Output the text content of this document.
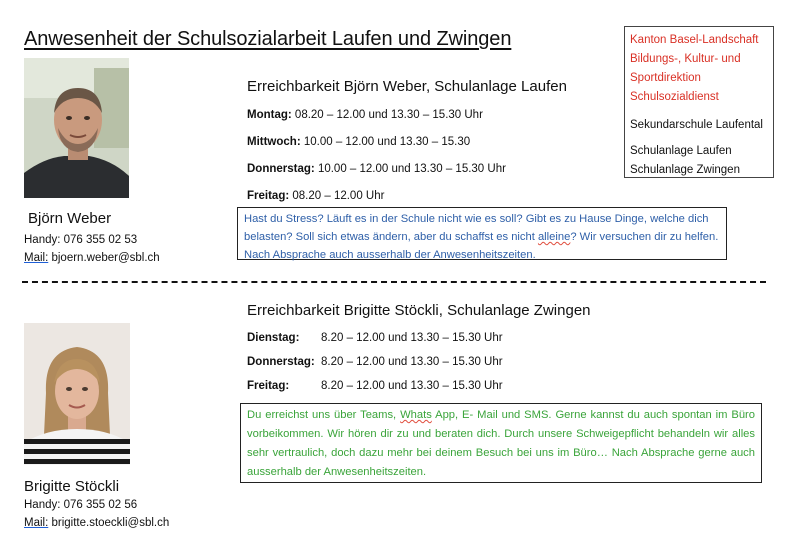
Anwesenheit der Schulsozialarbeit Laufen und Zwingen	Kanton Basel-Landschaft
Bildungs-, Kultur- und
Sportdirektion
Schulsozialdienst
Sekundarschule Laufental
Schulanlage Laufen
Schulanlage Zwingen
Björn Weber
Handy: 076 355 02 53
Mail: bjoern.weber@sbl.ch
Erreichbarkeit Björn Weber, Schulanlage Laufen
Montag: 08.20 – 12.00 und 13.30 – 15.30 Uhr
Mittwoch: 10.00 – 12.00 und 13.30 – 15.30
Donnerstag: 10.00 – 12.00 und 13.30 – 15.30 Uhr
Freitag: 08.20 – 12.00 Uhr
Hast du Stress? Läuft es in der Schule nicht wie es soll? Gibt es zu Hause Dinge, welche dich belasten? Soll sich etwas ändern, aber du schaffst es nicht alleine? Wir versuchen dir zu helfen. Nach Absprache auch ausserhalb der Anwesenheitszeiten.
Erreichbarkeit Brigitte Stöckli, Schulanlage Zwingen
Dienstag: 8.20 – 12.00 und 13.30 – 15.30 Uhr
Donnerstag: 8.20 – 12.00 und 13.30 – 15.30 Uhr
Freitag:	8.20 – 12.00 und 13.30 – 15.30 Uhr
Du erreichst uns über Teams, Whats App, E- Mail und SMS. Gerne kannst du auch spontan im Büro vorbeikommen. Wir hören dir zu und beraten dich. Durch unsere Schweigepflicht behandeln wir alles sehr vertraulich, doch dazu mehr bei deinem Besuch bei uns im Büro… Nach Absprache gerne auch ausserhalb der Anwesenheitszeiten.
Brigitte Stöckli
Handy: 076 355 02 56
Mail: brigitte.stoeckli@sbl.ch
